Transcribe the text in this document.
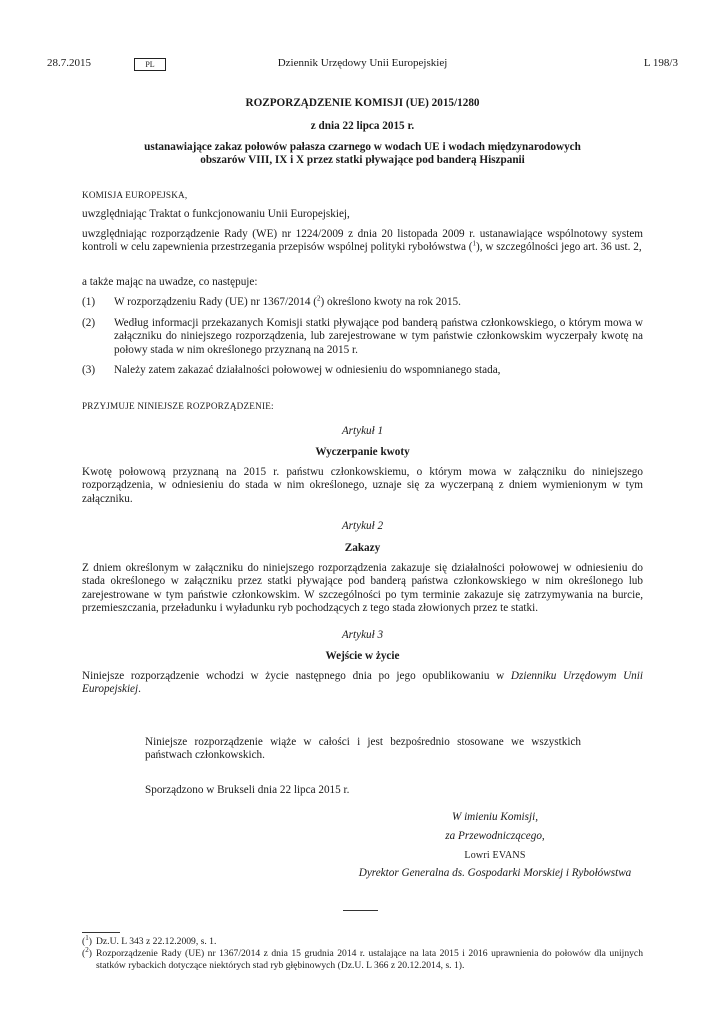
28.7.2015	PL	Dziennik Urzędowy Unii Europejskiej	L 198/3
ROZPORZĄDZENIE KOMISJI (UE) 2015/1280
z dnia 22 lipca 2015 r.
ustanawiające zakaz połowów pałasza czarnego w wodach UE i wodach międzynarodowych
obszarów VIII, IX i X przez statki pływające pod banderą Hiszpanii
KOMISJA EUROPEJSKA,
uwzględniając Traktat o funkcjonowaniu Unii Europejskiej,
uwzględniając rozporządzenie Rady (WE) nr 1224/2009 z dnia 20 listopada 2009 r. ustanawiające wspólnotowy system kontroli w celu zapewnienia przestrzegania przepisów wspólnej polityki rybołówstwa ($^1$), w szczególności jego art. 36 ust. 2,
a także mając na uwadze, co następuje:
(1) W rozporządzeniu Rady (UE) nr 1367/2014 ($^2$) określono kwoty na rok 2015.
(2) Według informacji przekazanych Komisji statki pływające pod banderą państwa członkowskiego, o którym mowa w załączniku do niniejszego rozporządzenia, lub zarejestrowane w tym państwie członkowskim wyczerpały kwotę na połowy stada w nim określonego przyznaną na 2015 r.
(3) Należy zatem zakazać działalności połowowej w odniesieniu do wspomnianego stada,
PRZYJMUJE NINIEJSZE ROZPORZĄDZENIE:
Artykuł 1
Wyczerpanie kwoty
Kwotę połowową przyznaną na 2015 r. państwu członkowskiemu, o którym mowa w załączniku do niniejszego rozporządzenia, w odniesieniu do stada w nim określonego, uznaje się za wyczerpaną z dniem wymienionym w tym załączniku.
Artykuł 2
Zakazy
Z dniem określonym w załączniku do niniejszego rozporządzenia zakazuje się działalności połowowej w odniesieniu do stada określonego w załączniku przez statki pływające pod banderą państwa członkowskiego w nim określonego lub zarejestrowane w tym państwie członkowskim. W szczególności po tym terminie zakazuje się zatrzymywania na burcie, przemieszczania, przeładunku i wyładunku ryb pochodzących z tego stada złowionych przez te statki.
Artykuł 3
Wejście w życie
Niniejsze rozporządzenie wchodzi w życie następnego dnia po jego opublikowaniu w Dzienniku Urzędowym Unii Europejskiej.
Niniejsze rozporządzenie wiąże w całości i jest bezpośrednio stosowane we wszystkich państwach członkowskich.
Sporządzono w Brukseli dnia 22 lipca 2015 r.
W imieniu Komisji,
za Przewodniczącego,
Lowri EVANS
Dyrektor Generalna ds. Gospodarki Morskiej i Rybołówstwa
($^1$) Dz.U. L 343 z 22.12.2009, s. 1.
($^2$) Rozporządzenie Rady (UE) nr 1367/2014 z dnia 15 grudnia 2014 r. ustalające na lata 2015 i 2016 uprawnienia do połowów dla unijnych statków rybackich dotyczące niektórych stad ryb głębinowych (Dz.U. L 366 z 20.12.2014, s. 1).
